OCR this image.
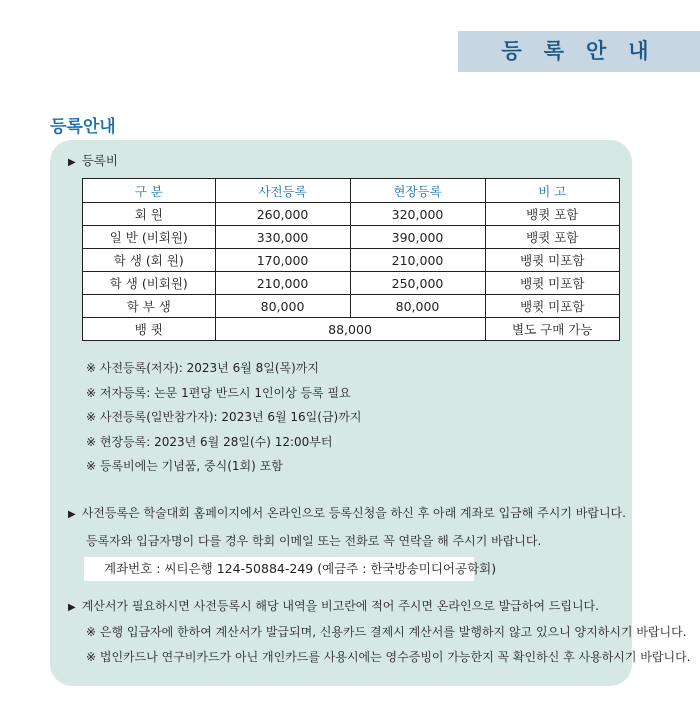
등록안내
등록안내
▶ 등록비
구 분	사전등록	현장등록	비 고
회 원	260,000	320,000	뱅큇 포함
일 반 (비회원)	330,000	390,000	뱅큇 포함
학 생 (회 원)	170,000	210,000	뱅큇 미포함
학 생 (비회원)	210,000	250,000	뱅큇 미포함
학 부 생	80,000	80,000	뱅큇 미포함
뱅 큇	88,000		별도 구매 가능
※ 사전등록(저자): 2023년 6월 8일(목)까지
※ 저자등록: 논문 1편당 반드시 1인이상 등록 필요
※ 사전등록(일반참가자): 2023년 6월 16일(금)까지
※ 현장등록: 2023년 6월 28일(수) 12:00부터
※ 등록비에는 기념품, 중식(1회) 포함
▶ 사전등록은 학술대회 홈페이지에서 온라인으로 등록신청을 하신 후 아래 계좌로 입금해 주시기 바랍니다.
등록자와 입금자명이 다를 경우 학회 이메일 또는 전화로 꼭 연락을 해 주시기 바랍니다.
계좌번호 : 씨티은행 124-50884-249 (예금주 : 한국방송미디어공학회)
▶ 계산서가 필요하시면 사전등록시 해당 내역을 비고란에 적어 주시면 온라인으로 발급하여 드립니다.
※ 은행 입금자에 한하여 계산서가 발급되며, 신용카드 결제시 계산서를 발행하지 않고 있으니 양지하시기 바랍니다.
※ 법인카드나 연구비카드가 아닌 개인카드를 사용시에는 영수증빙이 가능한지 꼭 확인하신 후 사용하시기 바랍니다.
